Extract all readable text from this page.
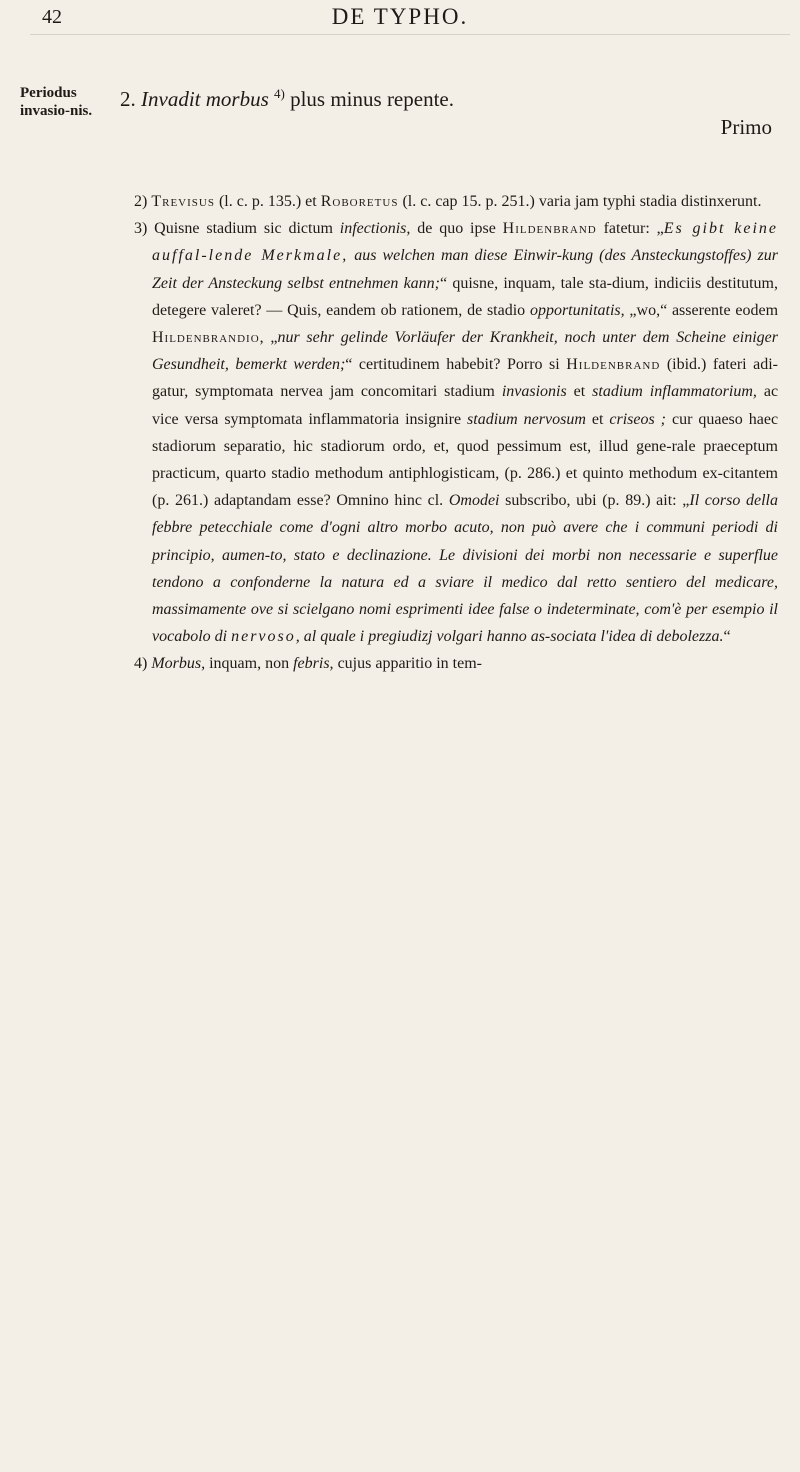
42	DE TYPHO.
Periodus invasio-nis. 2. Invadit morbus $^{4)}$ plus minus repente.
Primo

2) Trevisus (l. c. p. 135.) et Roboretus (l. c. cap 15. p. 251.) varia jam typhi stadia distinxerunt.

3) Quisne stadium sic dictum infectionis, de quo ipse Hildenbrand fatetur: „Es gibt keine auffal-lende Merkmale, aus welchen man diese Einwir-kung (des Ansteckungstoffes) zur Zeit der Ansteckung selbst entnehmen kann;“ quisne, inquam, tale sta-dium, indiciis destitutum, detegere valeret? — Quis, eandem ob rationem, de stadio opportunitatis, „wo,“ asserente eodem Hildenbrandio, „nur sehr gelinde Vorläufer der Krankheit, noch unter dem Scheine einiger Gesundheit, bemerkt werden;“ certitudinem habebit? Porro si Hildenbrand (ibid.) fateri adi-gatur, symptomata nervea jam concomitari stadium invasionis et stadium inflammatorium, ac vice versa symptomata inflammatoria insignire stadium nervosum et criseos ; cur quaeso haec stadiorum separatio, hic stadiorum ordo, et, quod pessimum est, illud gene-rale praeceptum practicum, quarto stadio methodum antiphlogisticam, (p. 286.) et quinto methodum ex-citantem (p. 261.) adaptandam esse? Omnino hinc cl. Omodei subscribo, ubi (p. 89.) ait: „Il corso della febbre petecchiale come d'ogni altro morbo acuto, non può avere che i communi periodi di principio, aumen-to, stato e declinazione. Le divisioni dei morbi non necessarie e superflue tendono a confonderne la natura ed a sviare il medico dal retto sentiero del medicare, massimamente ove si scielgano nomi esprimenti idee false o indeterminate, com'è per esempio il vocabolo di nervoso, al quale i pregiudizj volgari hanno as-sociata l'idea di debolezza.“

4) Morbus, inquam, non febris, cujus apparitio in tem-
